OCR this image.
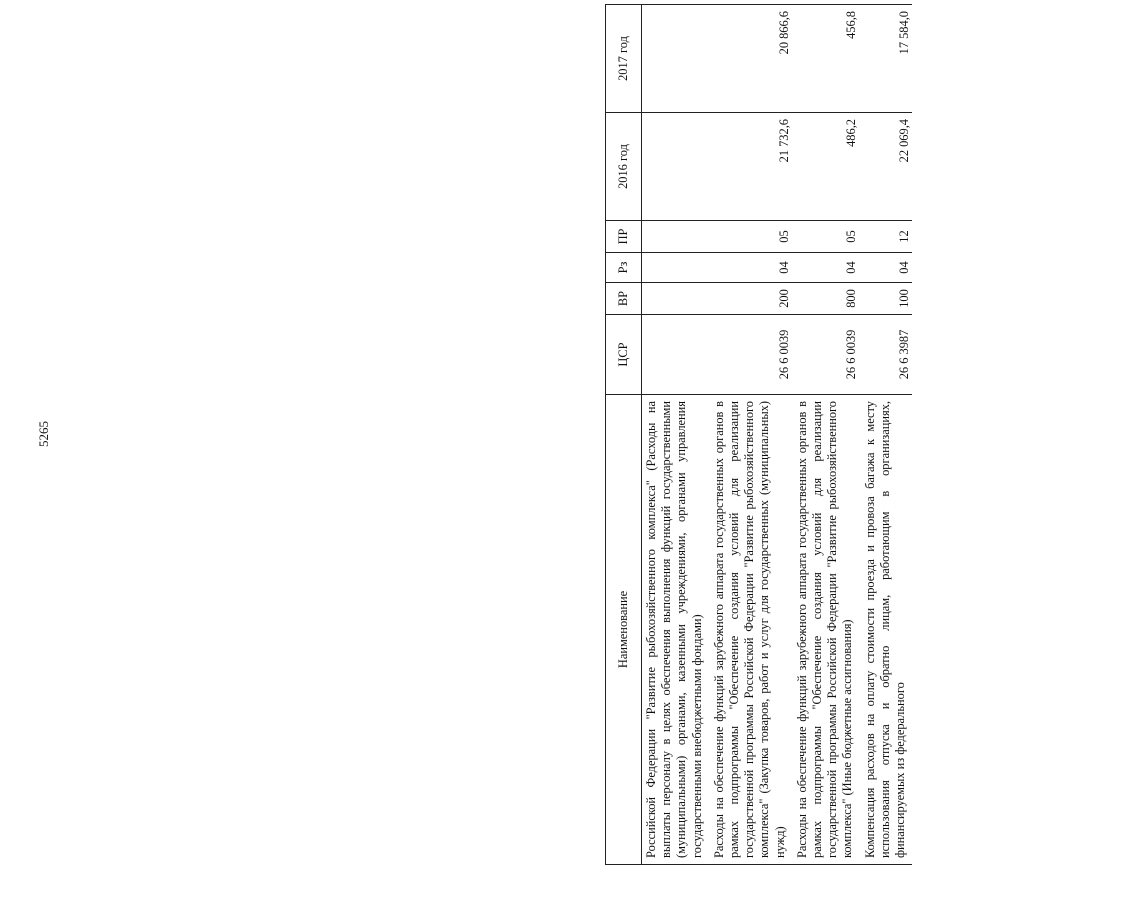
5265
Наименование	ЦСР	ВР	Рз	ПР	2016 год	2017 год

Российской Федерации "Развитие рыбохозяйственного комплекса" (Расходы на выплаты персоналу в целях обеспечения выполнения функций государственными (муниципальными) органами, казенными учреждениями, органами управления государственными внебюджетными фондами)						

Расходы на обеспечение функций зарубежного аппарата государственных органов в рамках подпрограммы "Обеспечение создания условий для реализации государственной программы Российской Федерации "Развитие рыбохозяйственного комплекса" (Закупка товаров, работ и услуг для государственных (муниципальных) нужд)	26 6 0039	200	04	05	21 732,6	20 866,6

Расходы на обеспечение функций зарубежного аппарата государственных органов в рамках подпрограммы "Обеспечение создания условий для реализации государственной программы Российской Федерации "Развитие рыбохозяйственного комплекса" (Иные бюджетные ассигнования)	26 6 0039	800	04	05	486,2	456,8

Компенсация расходов на оплату стоимости проезда и провоза багажа к месту использования отпуска и обратно лицам, работающим в организациях, финансируемых из федерального	26 6 3987	100	04	12	22 069,4	17 584,0
